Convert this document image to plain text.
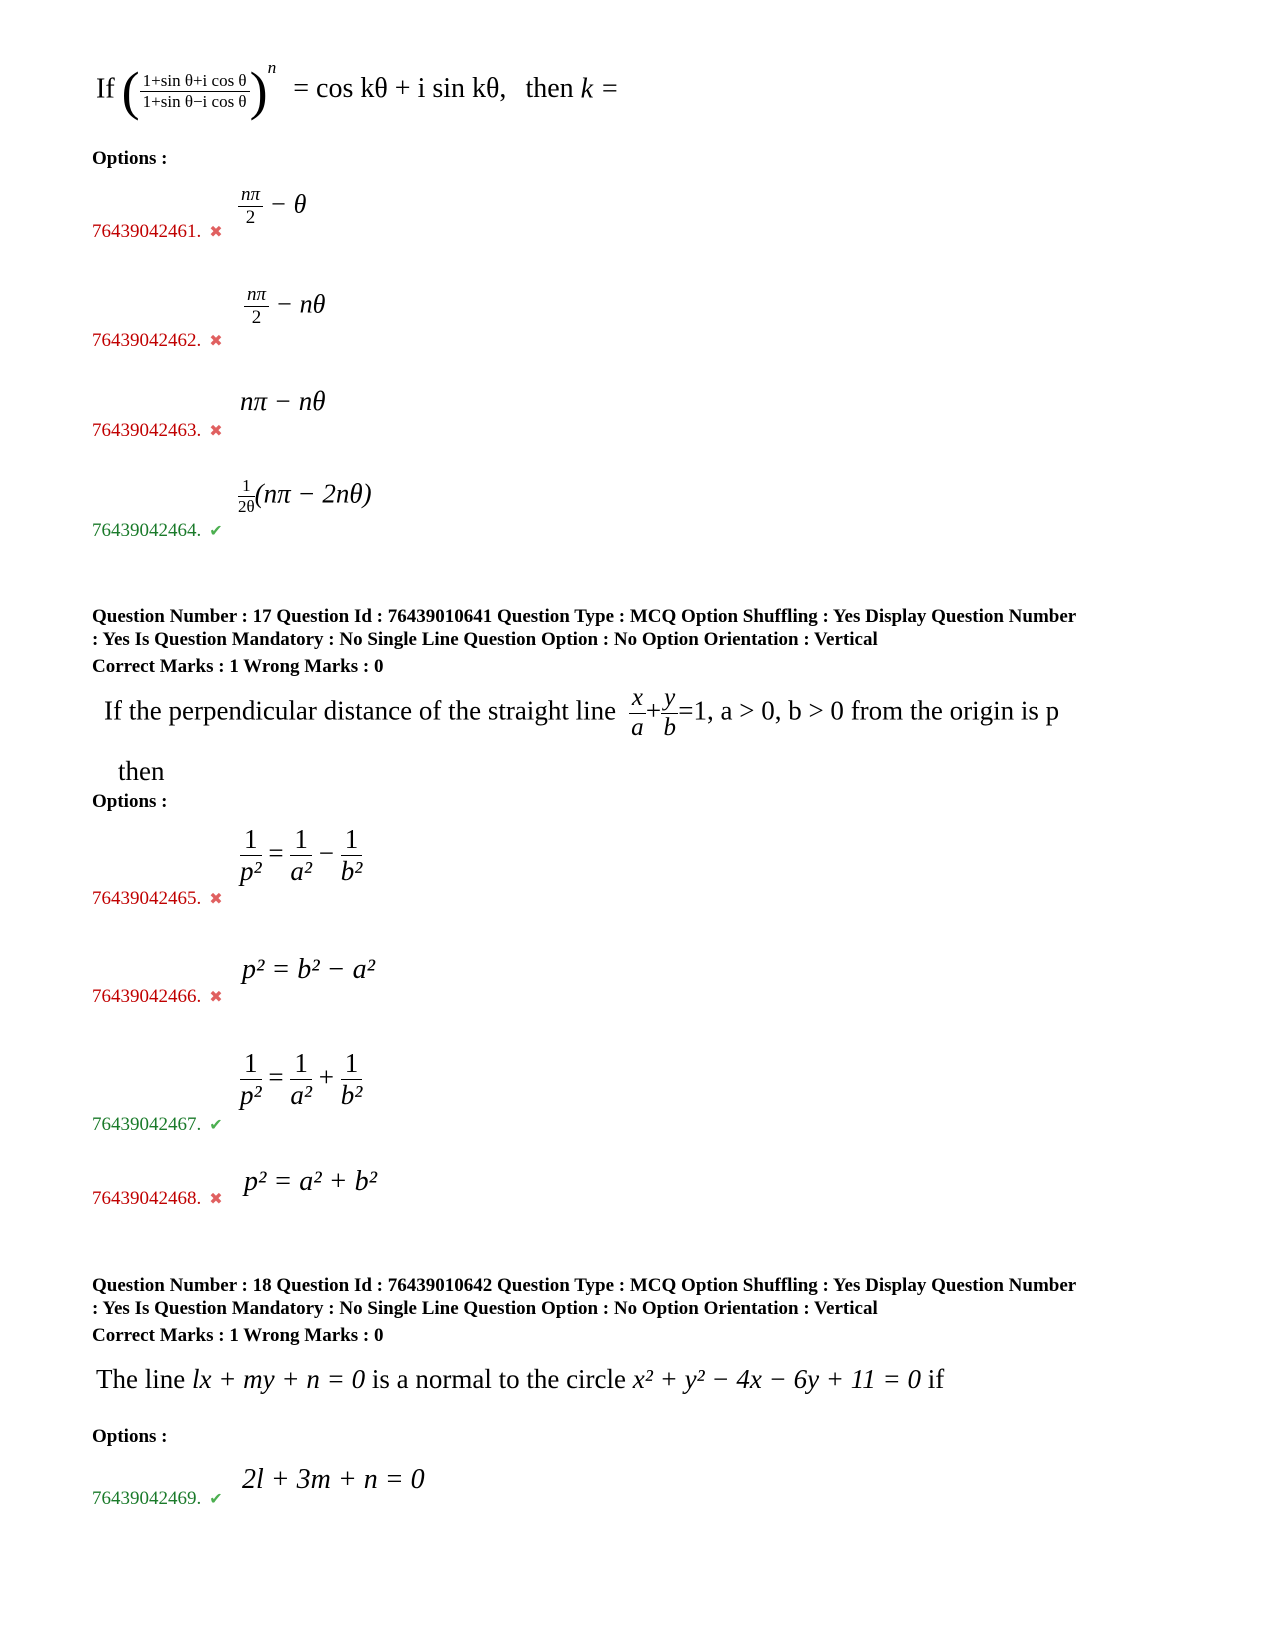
If ( $\frac{\text{1+sin θ+i cos θ}}{\text{1+sin θ−i cos θ}} )^n = \cos k\theta + i$ sin kθ, then k =
Options :
$\frac{n\pi}{2} - \theta$
76439042461. ✖
$\frac{n\pi}{2} - n\theta$
76439042462. ✖
nπ − nθ
76439042463. ✖
$\frac{1}{2\theta} (n\pi - 2n\theta)$
76439042464. ✔
Question Number : 17 Question Id : 76439010641 Question Type : MCQ Option Shuffling : Yes Display Question Number
: Yes Is Question Mandatory : No Single Line Question Option : No Option Orientation : Vertical
Correct Marks : 1 Wrong Marks : 0
If the perpendicular distance of the straight line $\frac{x}{a} + \frac{y}{b} =1$, a > 0, b > 0 from the origin is p
then
Options :
$\frac{1}{\text{p²}} = \frac{1}{\text{a²}} - \frac{1}{\text{b²}}$
76439042465. ✖
p² = b² − a²
76439042466. ✖
$\frac{1}{\text{p²}} = \frac{1}{\text{a²}} + \frac{1}{\text{b²}}$
76439042467. ✔
p² = a² + b²
76439042468. ✖
Question Number : 18 Question Id : 76439010642 Question Type : MCQ Option Shuffling : Yes Display Question Number
: Yes Is Question Mandatory : No Single Line Question Option : No Option Orientation : Vertical
Correct Marks : 1 Wrong Marks : 0
The line lx + my + n = 0 is a normal to the circle x² + y² − 4x − 6y + 11 = 0 if
Options :
2l + 3m + n = 0
76439042469. ✔
